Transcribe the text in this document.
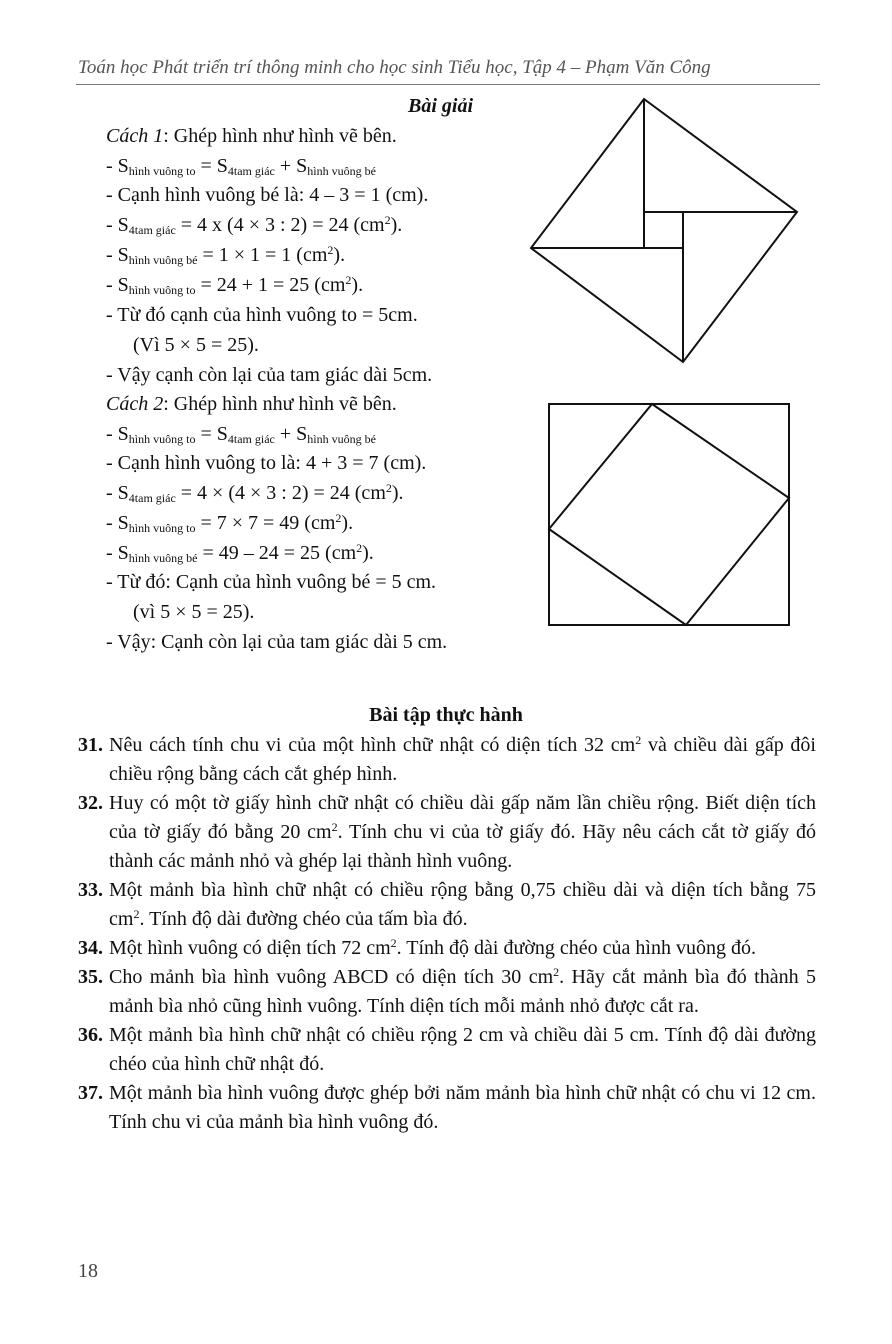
Toán học Phát triển trí thông minh cho học sinh Tiểu học, Tập 4 – Phạm Văn Công
Bài giải
Cách 1: Ghép hình như hình vẽ bên.
- $S_{hình vuông to} = S_{4tam giác} + S_{hình vuông bé}$
- Cạnh hình vuông bé là: 4 – 3 = 1 (cm).
- $S_{4tam giác} = 4$ x (4 × 3 : 2) = 24 $(cm^2)$.
- $S_{hình vuông bé} = 1 \times 1 = 1$ $(cm^2)$.
- $S_{hình vuông to} = 24 + 1 = 25$ $(cm^2)$.
- Từ đó cạnh của hình vuông to = 5cm.
(Vì 5 × 5 = 25).
- Vậy cạnh còn lại của tam giác dài 5cm.
Cách 2: Ghép hình như hình vẽ bên.
- $S_{hình vuông to} = S_{4tam giác} + S_{hình vuông bé}$
- Cạnh hình vuông to là: 4 + 3 = 7 (cm).
- $S_{4tam giác} = 4 \times (4 \times 3$ : 2) = 24 $(cm^2)$.
- $S_{hình vuông to} = 7 \times 7 = 49$ $(cm^2)$.
- $S_{hình vuông bé} = 49 - 24 = 25$ $(cm^2)$.
- Từ đó: Cạnh của hình vuông bé = 5 cm.
(vì 5 × 5 = 25).
- Vậy: Cạnh còn lại của tam giác dài 5 cm.
Bài tập thực hành
31. Nêu cách tính chu vi của một hình chữ nhật có diện tích 32 $cm^2$ và chiều dài gấp đôi chiều rộng bằng cách cắt ghép hình.
32. Huy có một tờ giấy hình chữ nhật có chiều dài gấp năm lần chiều rộng. Biết diện tích của tờ giấy đó bằng 20 $cm^2$. Tính chu vi của tờ giấy đó. Hãy nêu cách cắt tờ giấy đó thành các mảnh nhỏ và ghép lại thành hình vuông.
33. Một mảnh bìa hình chữ nhật có chiều rộng bằng 0,75 chiều dài và diện tích bằng 75 $cm^2$. Tính độ dài đường chéo của tấm bìa đó.
34. Một hình vuông có diện tích 72 $cm^2$. Tính độ dài đường chéo của hình vuông đó.
35. Cho mảnh bìa hình vuông ABCD có diện tích 30 $cm^2$. Hãy cắt mảnh bìa đó thành 5 mảnh bìa nhỏ cũng hình vuông. Tính diện tích mỗi mảnh nhỏ được cắt ra.
36. Một mảnh bìa hình chữ nhật có chiều rộng 2 cm và chiều dài 5 cm. Tính độ dài đường chéo của hình chữ nhật đó.
37. Một mảnh bìa hình vuông được ghép bởi năm mảnh bìa hình chữ nhật có chu vi 12 cm. Tính chu vi của mảnh bìa hình vuông đó.
18
